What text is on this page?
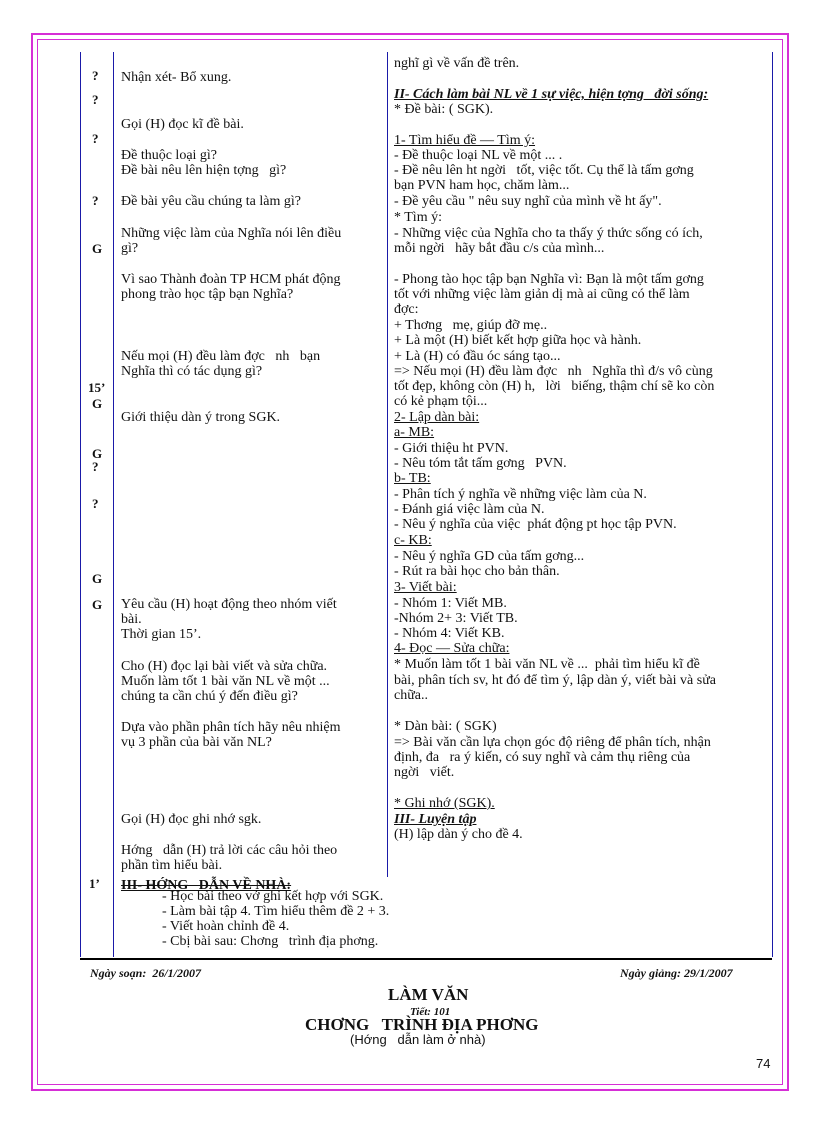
?
?
?
?
G
15’
G
G
?
?
G
G
1’
Nhận xét- Bổ xung.
Gọi (H) đọc kĩ đề bài.
Đề thuộc loại gì?
Đề bài nêu lên hiện tợng   gì?
Đề bài yêu cầu chúng ta làm gì?
Những việc làm của Nghĩa nói lên điều
gì?
Vì sao Thành đoàn TP HCM phát động
phong trào học tập bạn Nghĩa?
Nếu mọi (H) đều làm đợc   nh   bạn
Nghĩa thì có tác dụng gì?
Giới thiệu dàn ý trong SGK.
Yêu cầu (H) hoạt động theo nhóm viết
bài.
Thời gian 15’.
Cho (H) đọc lại bài viết và sửa chữa.
Muốn làm tốt 1 bài văn NL về một ...
chúng ta cần chú ý đến điều gì?
Dựa vào phần phân tích hãy nêu nhiệm
vụ 3 phần của bài văn NL?
Gọi (H) đọc ghi nhớ sgk.
Hớng   dẫn (H) trả lời các câu hỏi theo
phần tìm hiểu bài.
nghĩ gì về vấn đề trên.
II- Cách làm bài NL về 1 sự việc, hiện tợng   đời sống:
* Đề bài: ( SGK).
1- Tìm hiểu đề — Tìm ý:
- Đề thuộc loại NL về một ... .
- Đề nêu lên ht ngời   tốt, việc tốt. Cụ thể là tấm gơng
bạn PVN ham học, chăm làm...
- Đề yêu cầu " nêu suy nghĩ của mình về ht ấy".
* Tìm ý:
- Những việc của Nghĩa cho ta thấy ý thức sống có ích,
mỗi ngời   hãy bắt đầu c/s của mình...
- Phong tào học tập bạn Nghĩa vì: Bạn là một tấm gơng
tốt với những việc làm giản dị mà ai cũng có thể làm
đợc:
+ Thơng   mẹ, giúp đỡ mẹ..
+ Là một (H) biết kết hợp giữa học và hành.
+ Là (H) có đầu óc sáng tạo...
=> Nếu mọi (H) đều làm đợc   nh   Nghĩa thì đ/s vô cùng
tốt đẹp, không còn (H) h,   lời   biếng, thậm chí sẽ ko còn
có kẻ phạm tội...
2- Lập dàn bài:
a- MB:
- Giới thiệu ht PVN.
- Nêu tóm tắt tấm gơng   PVN.
b- TB:
- Phân tích ý nghĩa về những việc làm của N.
- Đánh giá việc làm của N.
- Nêu ý nghĩa của việc  phát động pt học tập PVN.
c- KB:
- Nêu ý nghĩa GD của tấm gơng...
- Rút ra bài học cho bản thân.
3- Viết bài:
- Nhóm 1: Viết MB.
-Nhóm 2+ 3: Viết TB.
- Nhóm 4: Viết KB.
4- Đọc — Sửa chữa:
* Muốn làm tốt 1 bài văn NL về ...  phải tìm hiểu kĩ đề
bài, phân tích sv, ht đó để tìm ý, lập dàn ý, viết bài và sửa
chữa..
* Dàn bài: ( SGK)
=> Bài văn cần lựa chọn góc độ riêng để phân tích, nhận
định, đa   ra ý kiến, có suy nghĩ và cảm thụ riêng của
ngời   viết.
* Ghi nhớ (SGK).
III- Luyện tập
(H) lập dàn ý cho đề 4.
III- HỚNG   DẪN VỀ NHÀ:
- Học bài theo vở ghi kết hợp với SGK.
- Làm bài tập 4. Tìm hiểu thêm đề 2 + 3.
- Viết hoàn chỉnh đề 4.
- Cbị bài sau: Chơng   trình địa phơng.
Ngày soạn:  26/1/2007	Ngày giảng: 29/1/2007
LÀM VĂN
Tiết: 101
CHƠNG   TRÌNH ĐỊA PHƠNG
(Hớng   dẫn làm ở nhà)
74
